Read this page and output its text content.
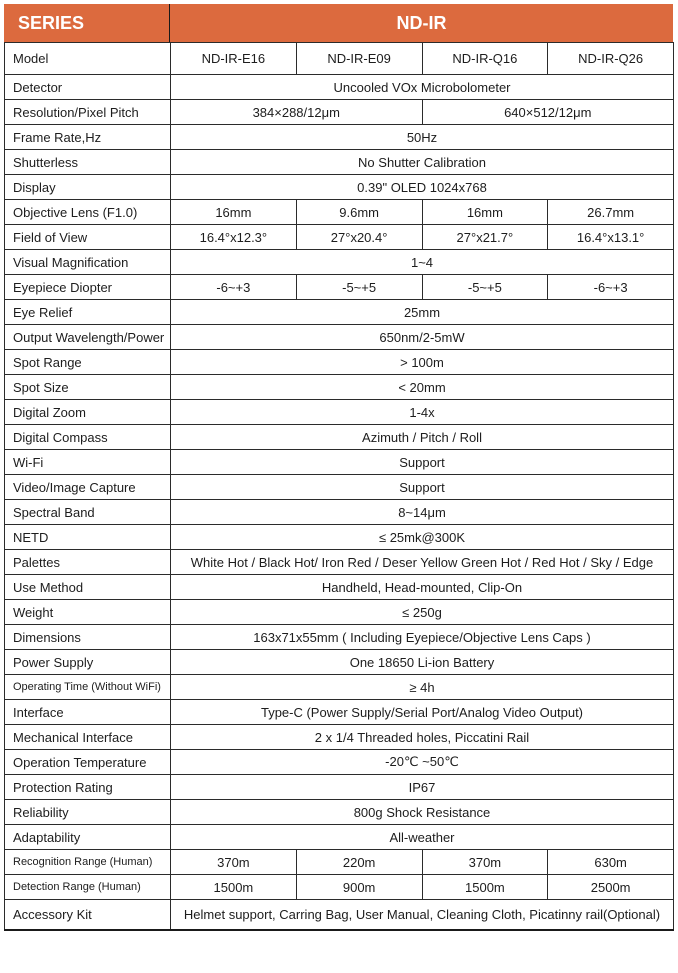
SERIES	ND-IR
Model	ND-IR-E16	ND-IR-E09	ND-IR-Q16	ND-IR-Q26
Detector	Uncooled VOx Microbolometer			
Resolution/Pixel Pitch	384×288/12μm		640×512/12μm	
Frame Rate,Hz	50Hz			
Shutterless	No Shutter Calibration			
Display	0.39" OLED 1024x768			
Objective Lens (F1.0)	16mm	9.6mm	16mm	26.7mm
Field of View	16.4°x12.3°	27°x20.4°	27°x21.7°	16.4°x13.1°
Visual Magnification	1~4			
Eyepiece Diopter	-6~+3	-5~+5	-5~+5	-6~+3
Eye Relief	25mm			
Output Wavelength/Power	650nm/2-5mW			
Spot Range	> 100m			
Spot Size	< 20mm			
Digital Zoom	1-4x			
Digital Compass	Azimuth / Pitch / Roll			
Wi-Fi	Support			
Video/Image Capture	Support			
Spectral Band	8~14μm			
NETD	≤ 25mk@300K			
Palettes	White Hot / Black Hot/ Iron Red / Deser Yellow Green Hot / Red Hot / Sky / Edge			
Use Method	Handheld, Head-mounted, Clip-On			
Weight	≤ 250g			
Dimensions	163x71x55mm ( Including Eyepiece/Objective Lens Caps )			
Power Supply	One 18650 Li-ion Battery			
Operating Time (Without WiFi)	≥ 4h			
Interface	Type-C (Power Supply/Serial Port/Analog Video Output)			
Mechanical Interface	2 x 1/4 Threaded holes, Piccatini Rail			
Operation Temperature	-20℃ ~50℃			
Protection Rating	IP67			
Reliability	800g Shock Resistance			
Adaptability	All-weather			
Recognition Range (Human)	370m	220m	370m	630m
Detection Range (Human)	1500m	900m	1500m	2500m
Accessory Kit	Helmet support, Carring Bag, User Manual, Cleaning Cloth, Picatinny rail(Optional)			
